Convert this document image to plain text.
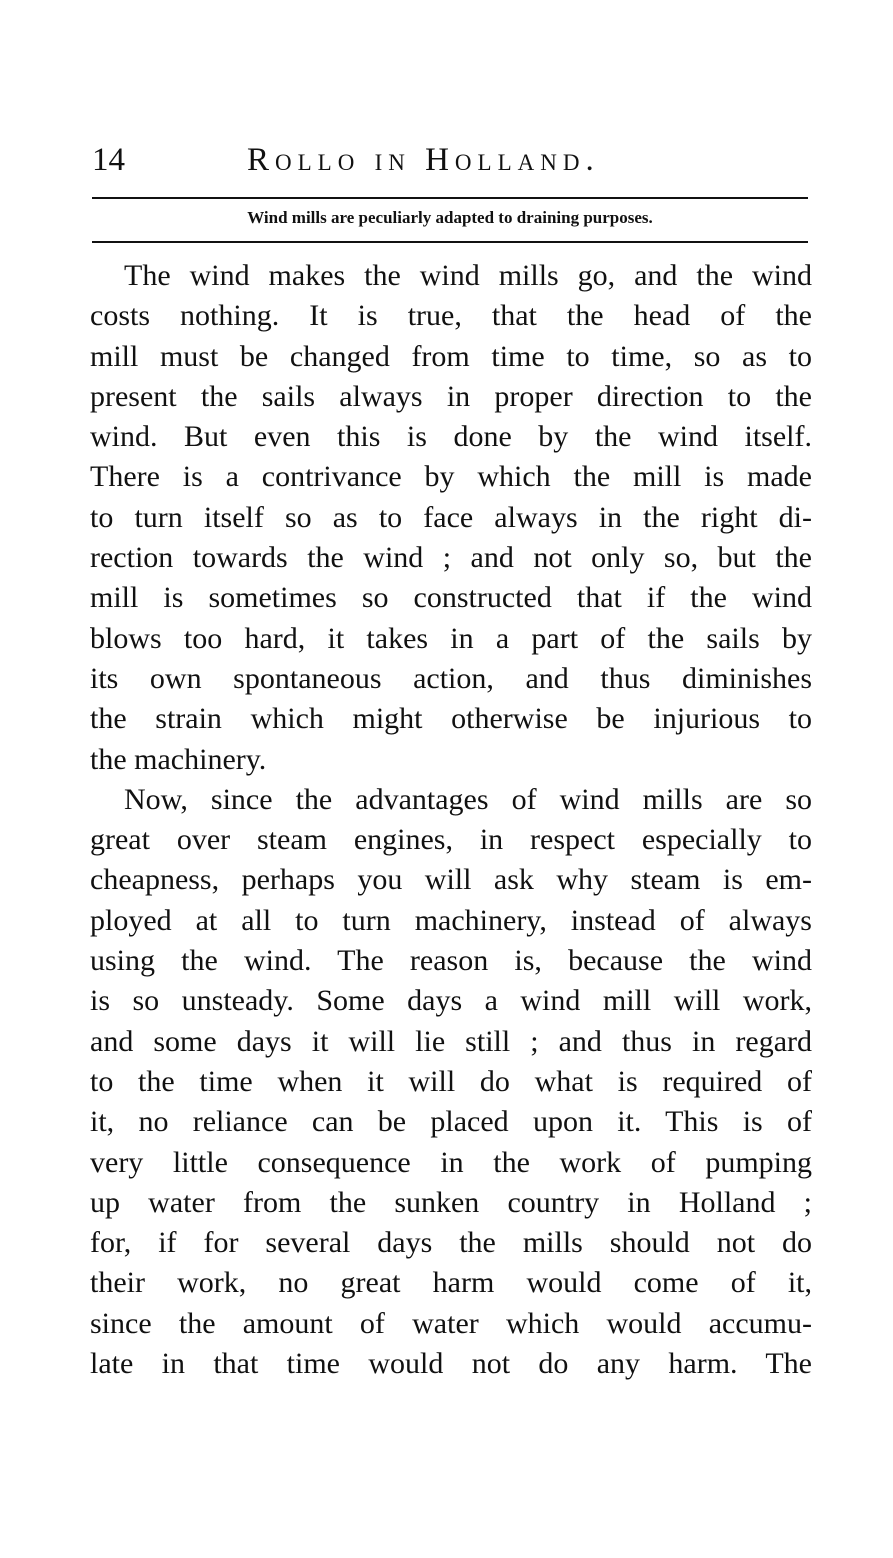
14	Rollo in Holland.
Wind mills are peculiarly adapted to draining purposes.
The wind makes the wind mills go, and the wind
costs nothing. It is true, that the head of the
mill must be changed from time to time, so as to
present the sails always in proper direction to the
wind. But even this is done by the wind itself.
There is a contrivance by which the mill is made
to turn itself so as to face always in the right di-
rection towards the wind ; and not only so, but the
mill is sometimes so constructed that if the wind
blows too hard, it takes in a part of the sails by
its own spontaneous action, and thus diminishes
the strain which might otherwise be injurious to
the machinery.
Now, since the advantages of wind mills are so
great over steam engines, in respect especially to
cheapness, perhaps you will ask why steam is em-
ployed at all to turn machinery, instead of always
using the wind. The reason is, because the wind
is so unsteady. Some days a wind mill will work,
and some days it will lie still ; and thus in regard
to the time when it will do what is required of
it, no reliance can be placed upon it. This is of
very little consequence in the work of pumping
up water from the sunken country in Holland ;
for, if for several days the mills should not do
their work, no great harm would come of it,
since the amount of water which would accumu-
late in that time would not do any harm. The
